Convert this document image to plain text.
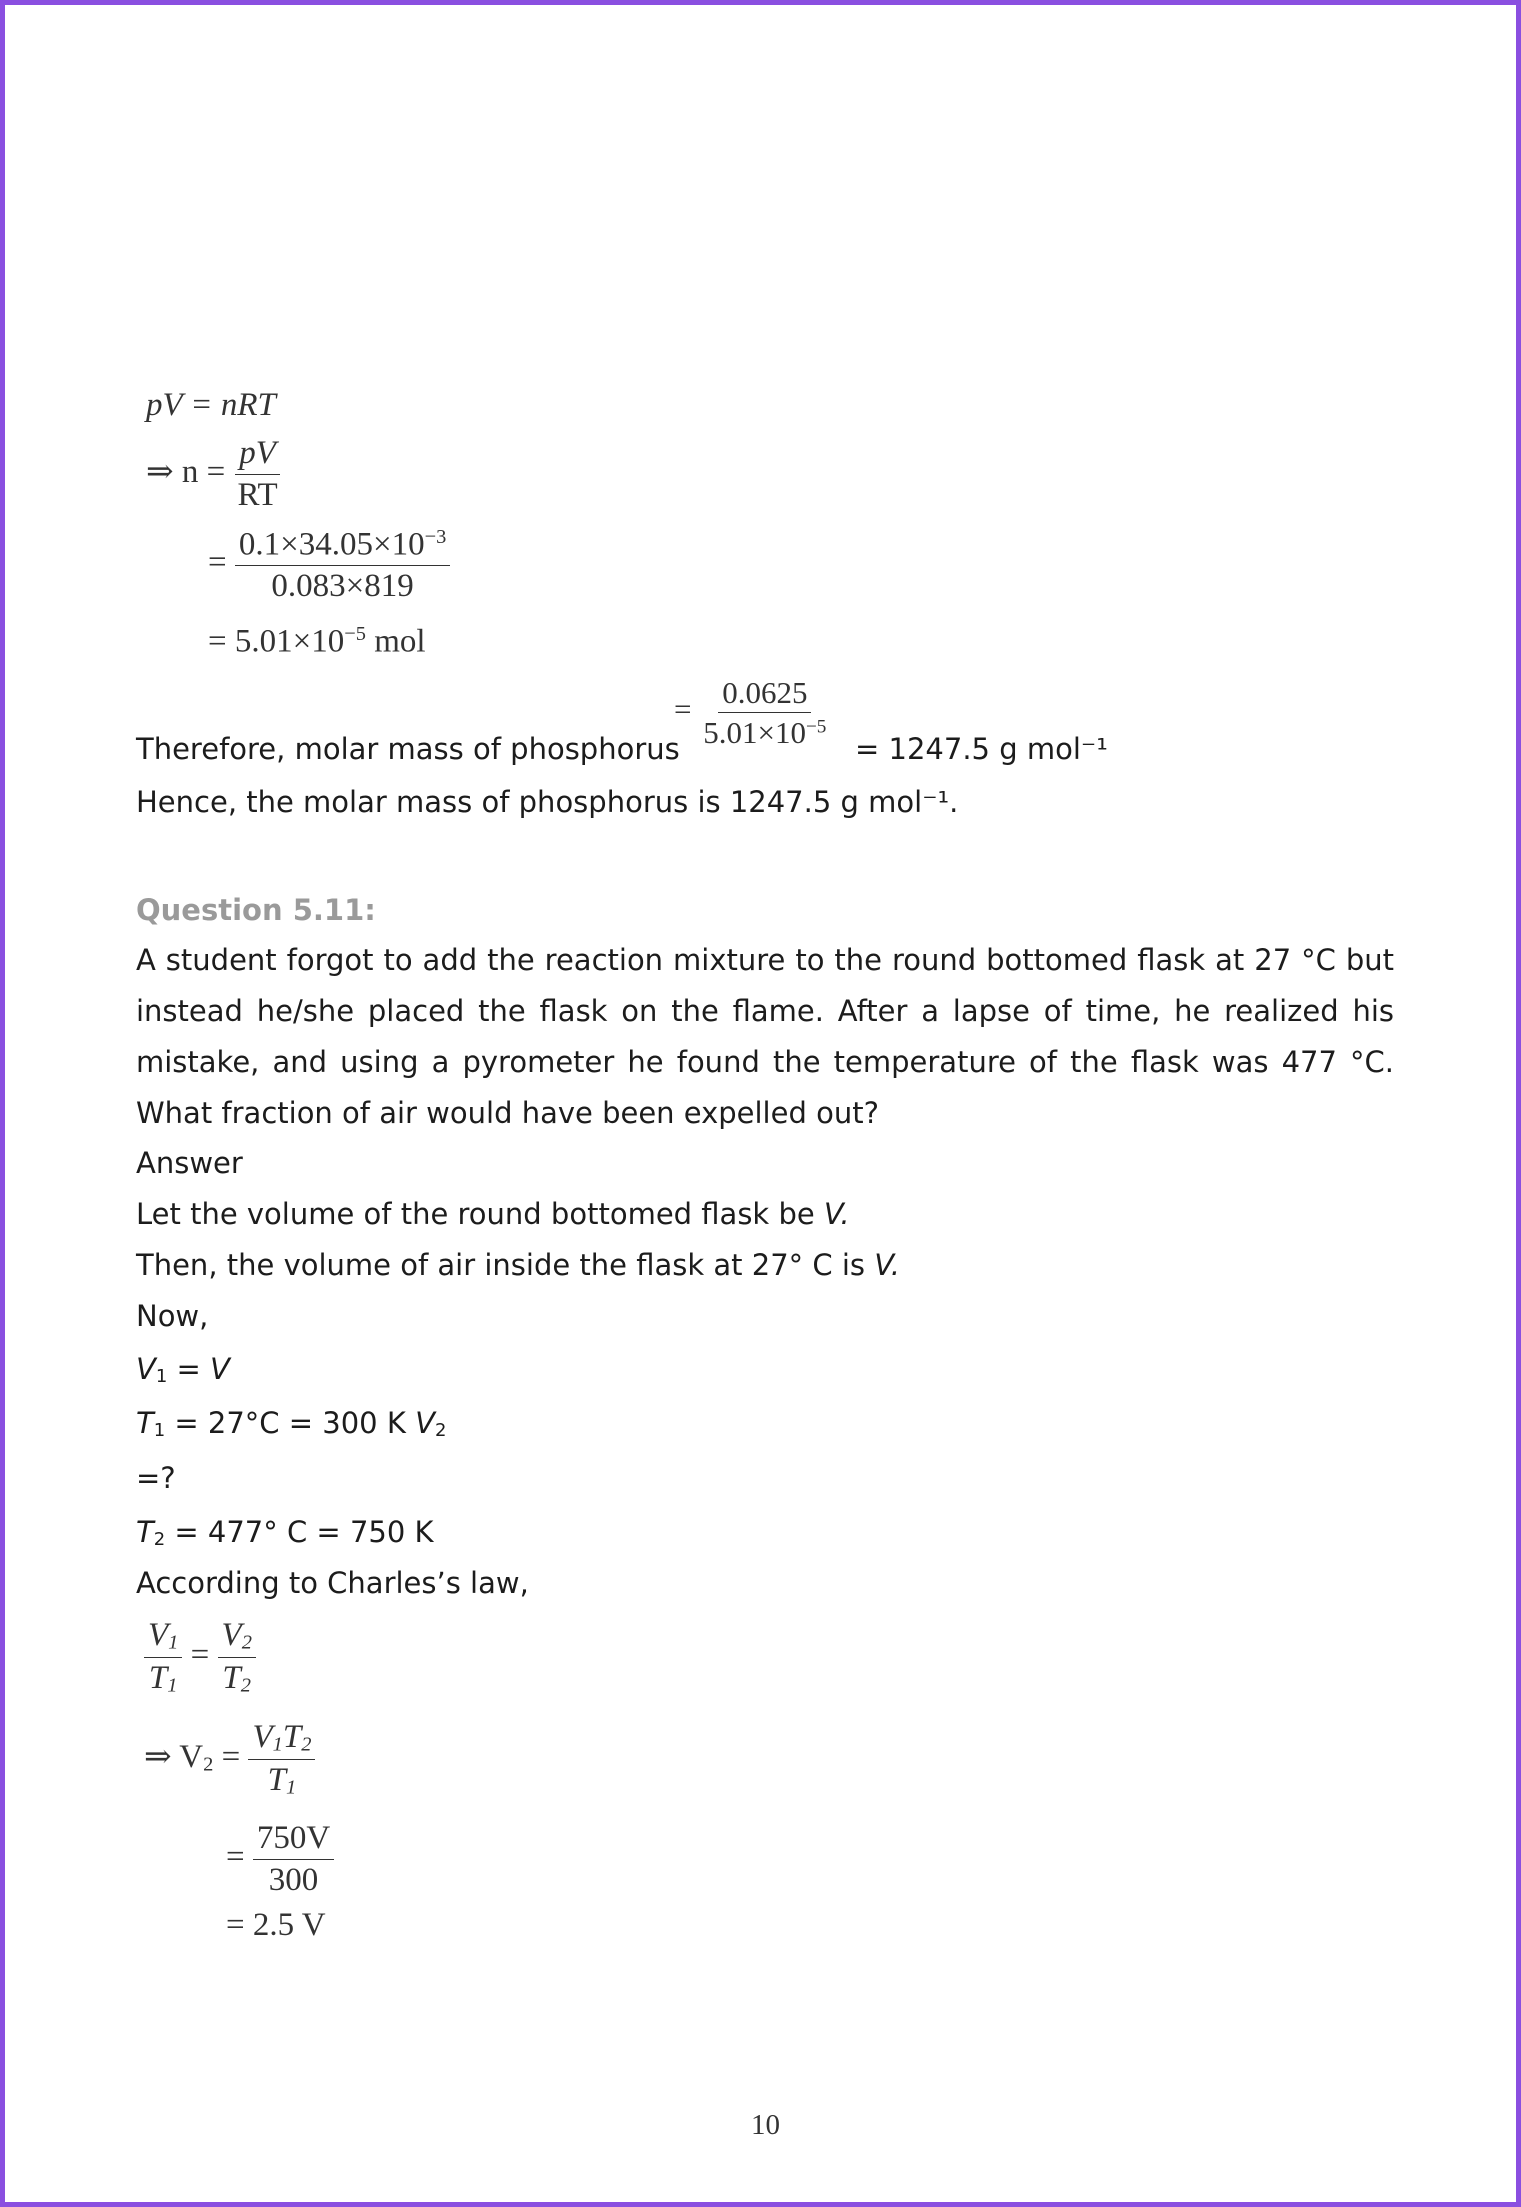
pV = nRT
⇒ $n = \frac{pV}{RT}$
= $\frac{0.1\times 34.05\times 10^{-3}}{0.083\times 819}$
= $5.01\times 10^{-5}$ mol
Therefore, molar mass of phosphorus
= $\frac{0.0625}{5.01\times 10^{-5}}$
= 1247.5 g mol⁻¹
Hence, the molar mass of phosphorus is 1247.5 g mol⁻¹.
Question 5.11:
A student forgot to add the reaction mixture to the round bottomed flask at 27 °C but instead he/she placed the flask on the flame. After a lapse of time, he realized his mistake, and using a pyrometer he found the temperature of the flask was 477 °C. What fraction of air would have been expelled out?
Answer
Let the volume of the round bottomed flask be V.
Then, the volume of air inside the flask at 27° C is V.
Now,
$V_1 = V$
$T_1 = 27^\circ C = 300$ K $V_2$
=?
$T_2 = 477^\circ$ C = 750 K
According to Charles’s law,
$\frac{V_1}{T_1} = \frac{V_2}{T_2}$
⇒ $V_2 = \frac{V_1T_2}{T_1}$
= $\frac{750V}{300}$
= 2.5 V
10
